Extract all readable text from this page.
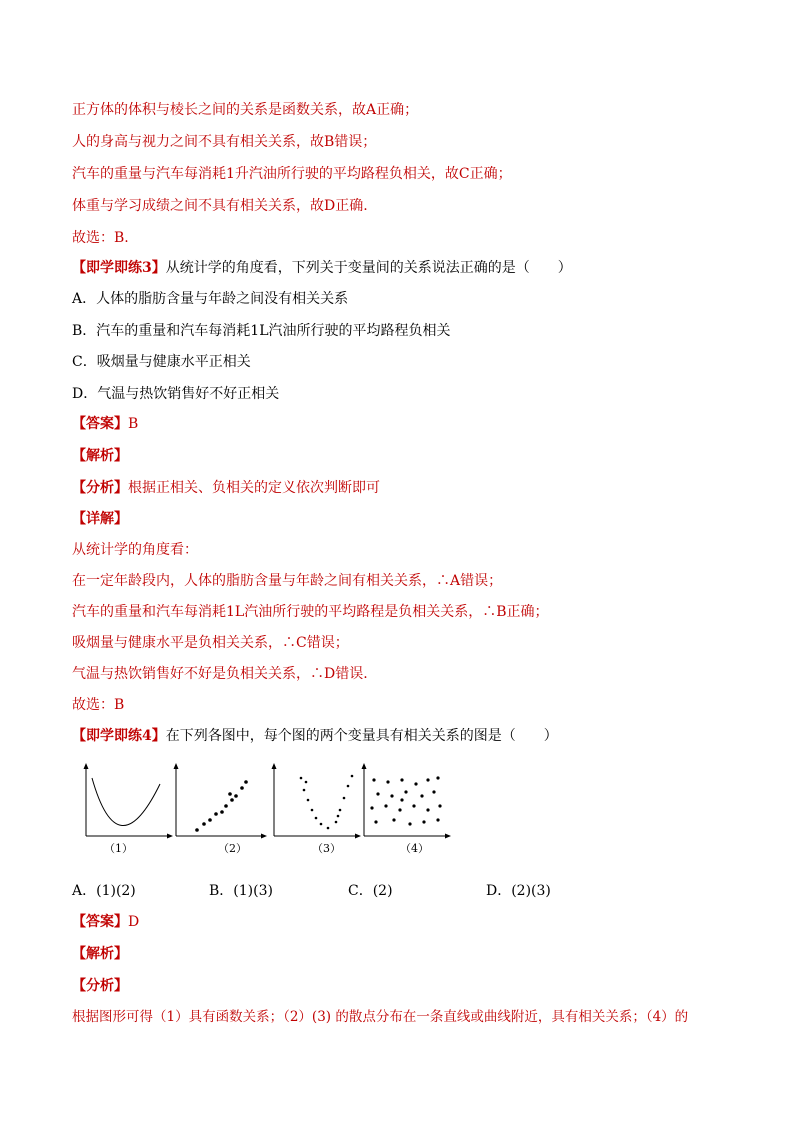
正方体的体积与棱长之间的关系是函数关系，故A正确；
人的身高与视力之间不具有相关关系，故B错误；
汽车的重量与汽车每消耗1升汽油所行驶的平均路程负相关，故C正确；
体重与学习成绩之间不具有相关关系，故D正确.
故选：B.
【即学即练3】从统计学的角度看，下列关于变量间的关系说法正确的是（　　）
A．人体的脂肪含量与年龄之间没有相关关系
B．汽车的重量和汽车每消耗1L汽油所行驶的平均路程负相关
C．吸烟量与健康水平正相关
D．气温与热饮销售好不好正相关
【答案】B
【解析】
【分析】根据正相关、负相关的定义依次判断即可
【详解】
从统计学的角度看：
在一定年龄段内，人体的脂肪含量与年龄之间有相关关系，∴A错误；
汽车的重量和汽车每消耗1L汽油所行驶的平均路程是负相关关系，∴B正确；
吸烟量与健康水平是负相关关系，∴C错误；
气温与热饮销售好不好是负相关关系，∴D错误.
故选：B
【即学即练4】在下列各图中，每个图的两个变量具有相关关系的图是（　　）
（1）	（2）	（3）	（4）
A．(1)(2)	B．(1)(3)	C．(2)	D．(2)(3)
【答案】D
【解析】
【分析】
根据图形可得（1）具有函数关系；（2）(3) 的散点分布在一条直线或曲线附近，具有相关关系；（4）的
